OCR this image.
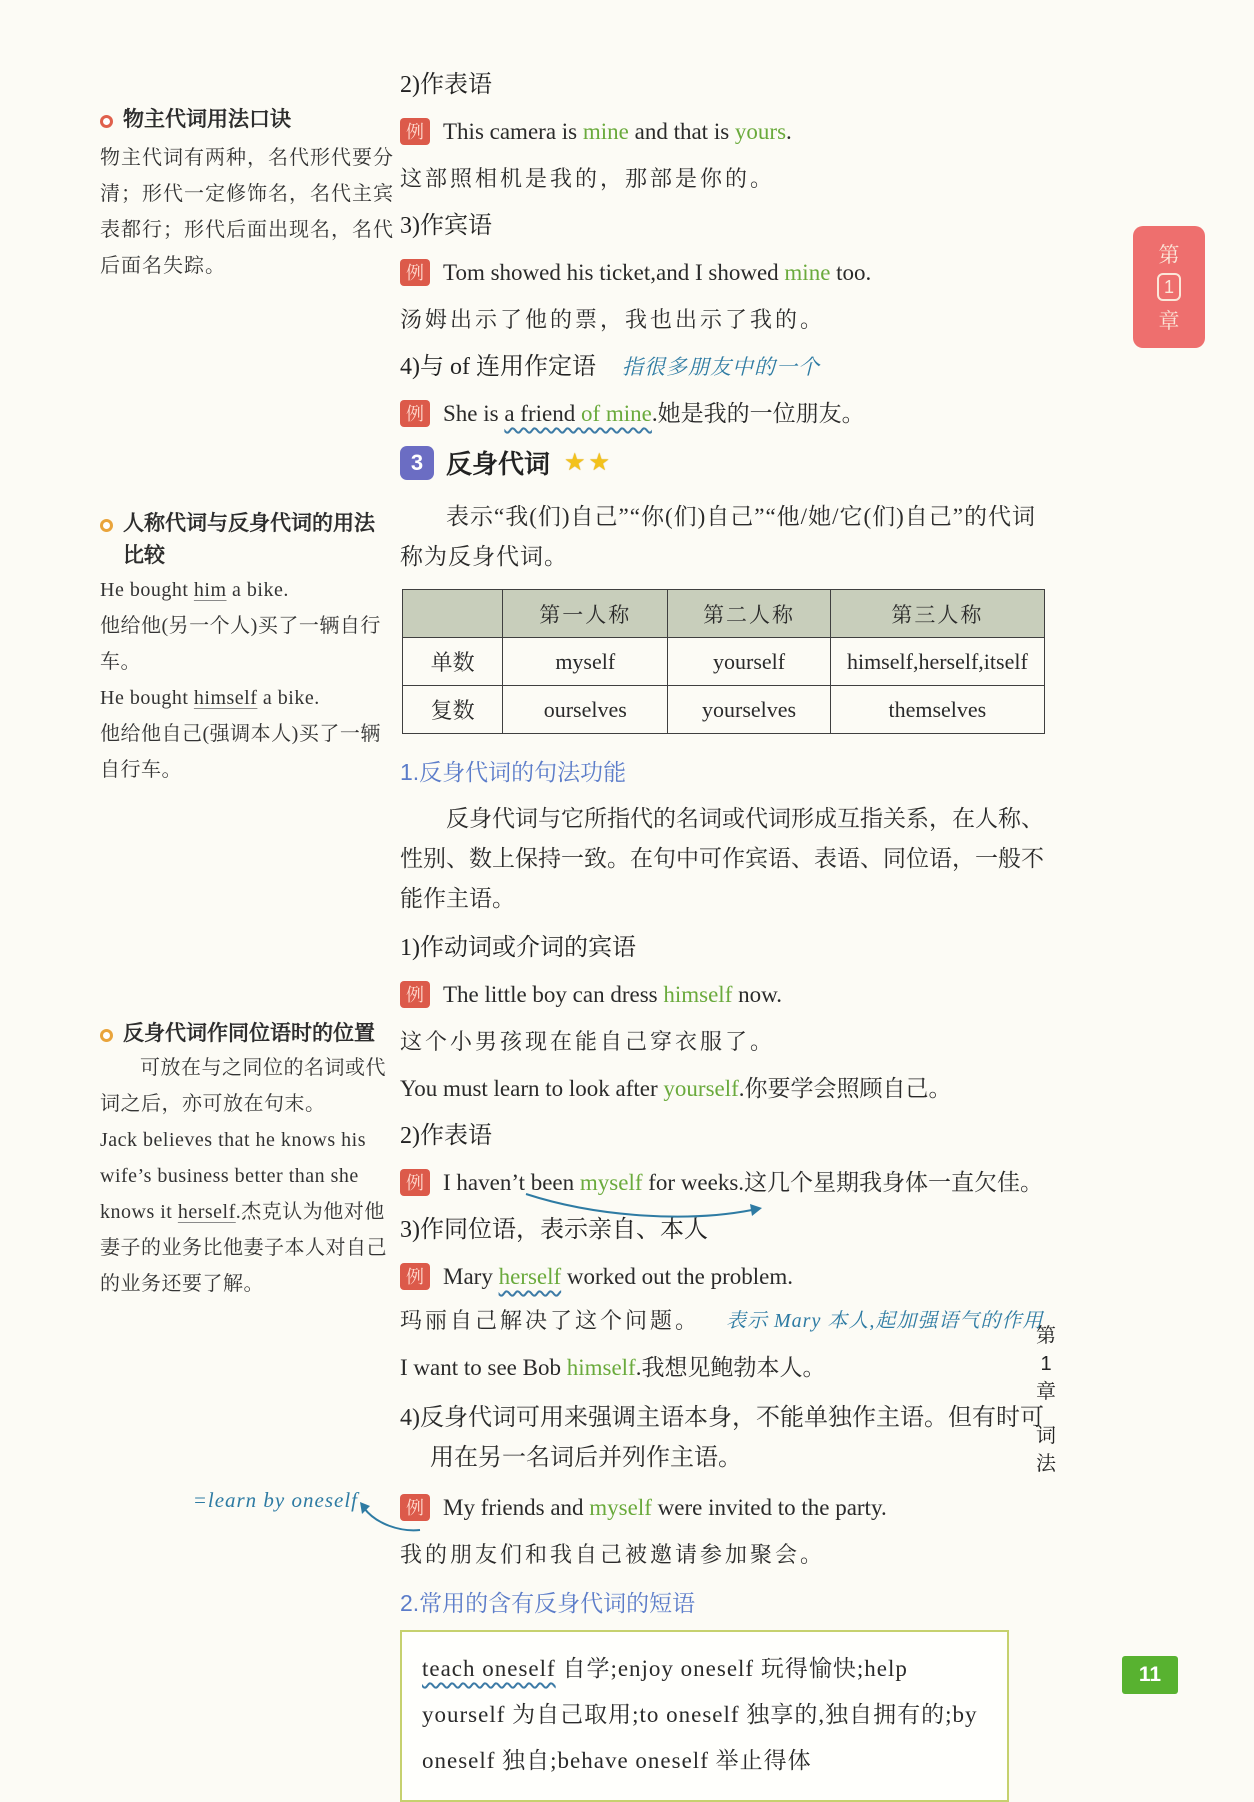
物主代词用法口诀
物主代词有两种，名代形代要分清；形代一定修饰名，名代主宾表都行；形代后面出现名，名代后面名失踪。
人称代词与反身代词的用法比较
He bought him a bike.
他给他(另一个人)买了一辆自行车。
He bought himself a bike.
他给他自己(强调本人)买了一辆自行车。
反身代词作同位语时的位置
可放在与之同位的名词或代词之后，亦可放在句末。
Jack believes that he knows his wife’s business better than she knows it herself.杰克认为他对他妻子的业务比他妻子本人对自己的业务还要了解。
=learn by oneself
2)作表语
例 This camera is mine and that is yours.
这部照相机是我的，那部是你的。
3)作宾语
例 Tom showed his ticket,and I showed mine too.
汤姆出示了他的票，我也出示了我的。
4)与 of 连用作定语 指很多朋友中的一个
例 She is a friend of mine.她是我的一位朋友。
3 反身代词 ★★
表示“我(们)自己”“你(们)自己”“他/她/它(们)自己”的代词称为反身代词。
	第一人称	第二人称	第三人称
单数	myself	yourself	himself,herself,itself
复数	ourselves	yourselves	themselves
1.反身代词的句法功能
反身代词与它所指代的名词或代词形成互指关系，在人称、性别、数上保持一致。在句中可作宾语、表语、同位语，一般不能作主语。
1)作动词或介词的宾语
例 The little boy can dress himself now.
这个小男孩现在能自己穿衣服了。
You must learn to look after yourself.你要学会照顾自己。
2)作表语
例 I haven’t been myself for weeks.这几个星期我身体一直欠佳。
3)作同位语，表示亲自、本人
例 Mary herself worked out the problem.
玛丽自己解决了这个问题。 表示 Mary 本人,起加强语气的作用
I want to see Bob himself.我想见鲍勃本人。
4)反身代词可用来强调主语本身，不能单独作主语。但有时可用在另一名词后并列作主语。
例 My friends and myself were invited to the party.
我的朋友们和我自己被邀请参加聚会。
2.常用的含有反身代词的短语
teach oneself 自学;enjoy oneself 玩得愉快;help yourself 为自己取用;to oneself 独享的,独自拥有的;by oneself 独自;behave oneself 举止得体
第
1
章
第
1
章
词
法
11
